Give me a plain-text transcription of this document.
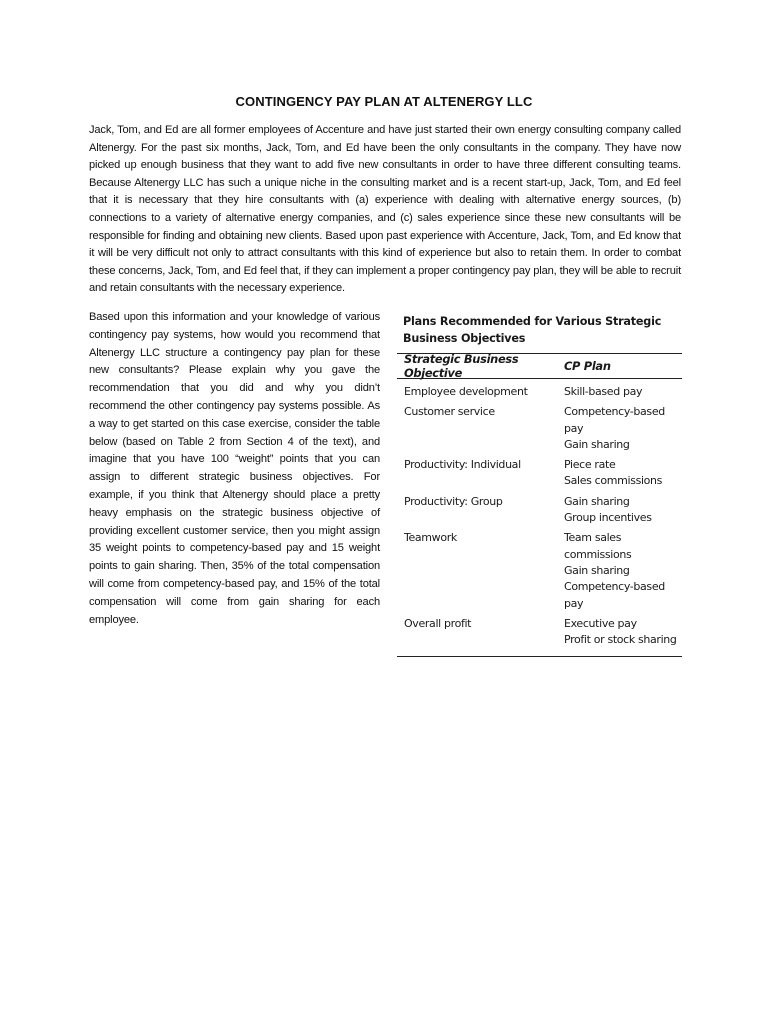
CONTINGENCY PAY PLAN AT ALTENERGY LLC

Jack, Tom, and Ed are all former employees of Accenture and have just started their own energy consulting company called Altenergy. For the past six months, Jack, Tom, and Ed have been the only consultants in the company. They have now picked up enough business that they want to add five new consultants in order to have three different consulting teams. Because Altenergy LLC has such a unique niche in the consulting market and is a recent start-up, Jack, Tom, and Ed feel that it is necessary that they hire consultants with (a) experience with dealing with alternative energy sources, (b) connections to a variety of alternative energy companies, and (c) sales experience since these new consultants will be responsible for finding and obtaining new clients. Based upon past experience with Accenture, Jack, Tom, and Ed know that it will be very difficult not only to attract consultants with this kind of experience but also to retain them. In order to combat these concerns, Jack, Tom, and Ed feel that, if they can implement a proper contingency pay plan, they will be able to recruit and retain consultants with the necessary experience.

Based upon this information and your knowledge of various contingency pay systems, how would you recommend that Altenergy LLC structure a contingency pay plan for these new consultants? Please explain why you gave the recommendation that you did and why you didn’t recommend the other contingency pay systems possible. As a way to get started on this case exercise, consider the table below (based on Table 2 from Section 4 of the text), and imagine that you have 100 “weight” points that you can assign to different strategic business objectives. For example, if you think that Altenergy should place a pretty heavy emphasis on the strategic business objective of providing excellent customer service, then you might assign 35 weight points to competency-based pay and 15 weight points to gain sharing. Then, 35% of the total compensation will come from competency-based pay, and 15% of the total compensation will come from gain sharing for each employee.

Plans Recommended for Various Strategic Business Objectives
Strategic Business Objective	CP Plan
Employee development	Skill-based pay
Customer service	Competency-based pay
Gain sharing
Productivity: Individual	Piece rate
Sales commissions
Productivity: Group	Gain sharing
Group incentives
Teamwork	Team sales commissions
Gain sharing
Competency-based pay
Overall profit	Executive pay
Profit or stock sharing
